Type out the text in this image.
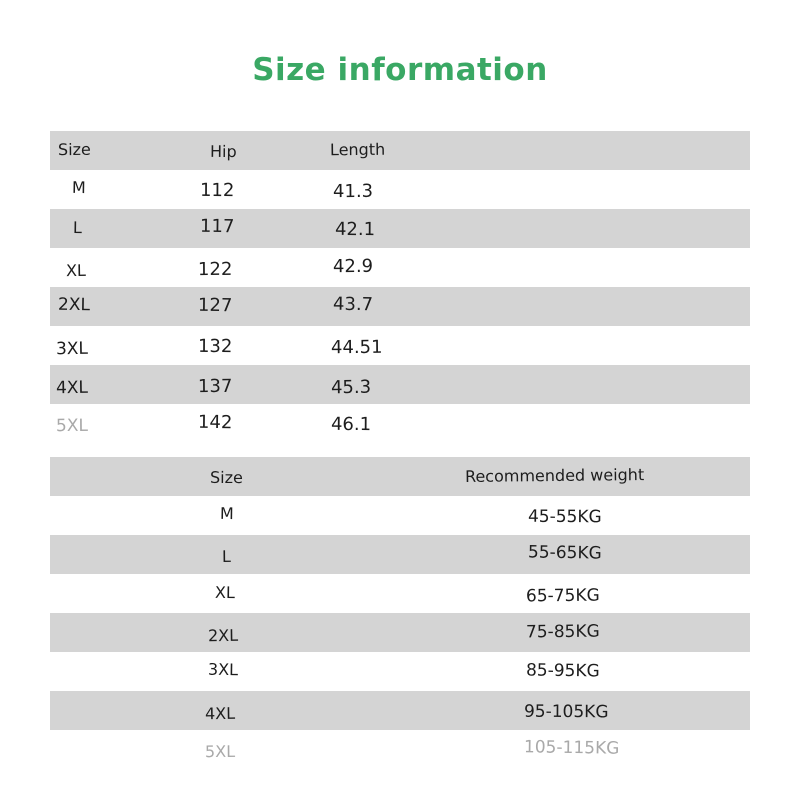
Size information
Size	Hip	Length
M	112	41.3
L	117	42.1
XL	122	42.9
2XL	127	43.7
3XL	132	44.51
4XL	137	45.3
5XL	142	46.1
Size	Recommended weight
M	45-55KG
L	55-65KG
XL	65-75KG
2XL	75-85KG
3XL	85-95KG
4XL	95-105KG
5XL	105-115KG
